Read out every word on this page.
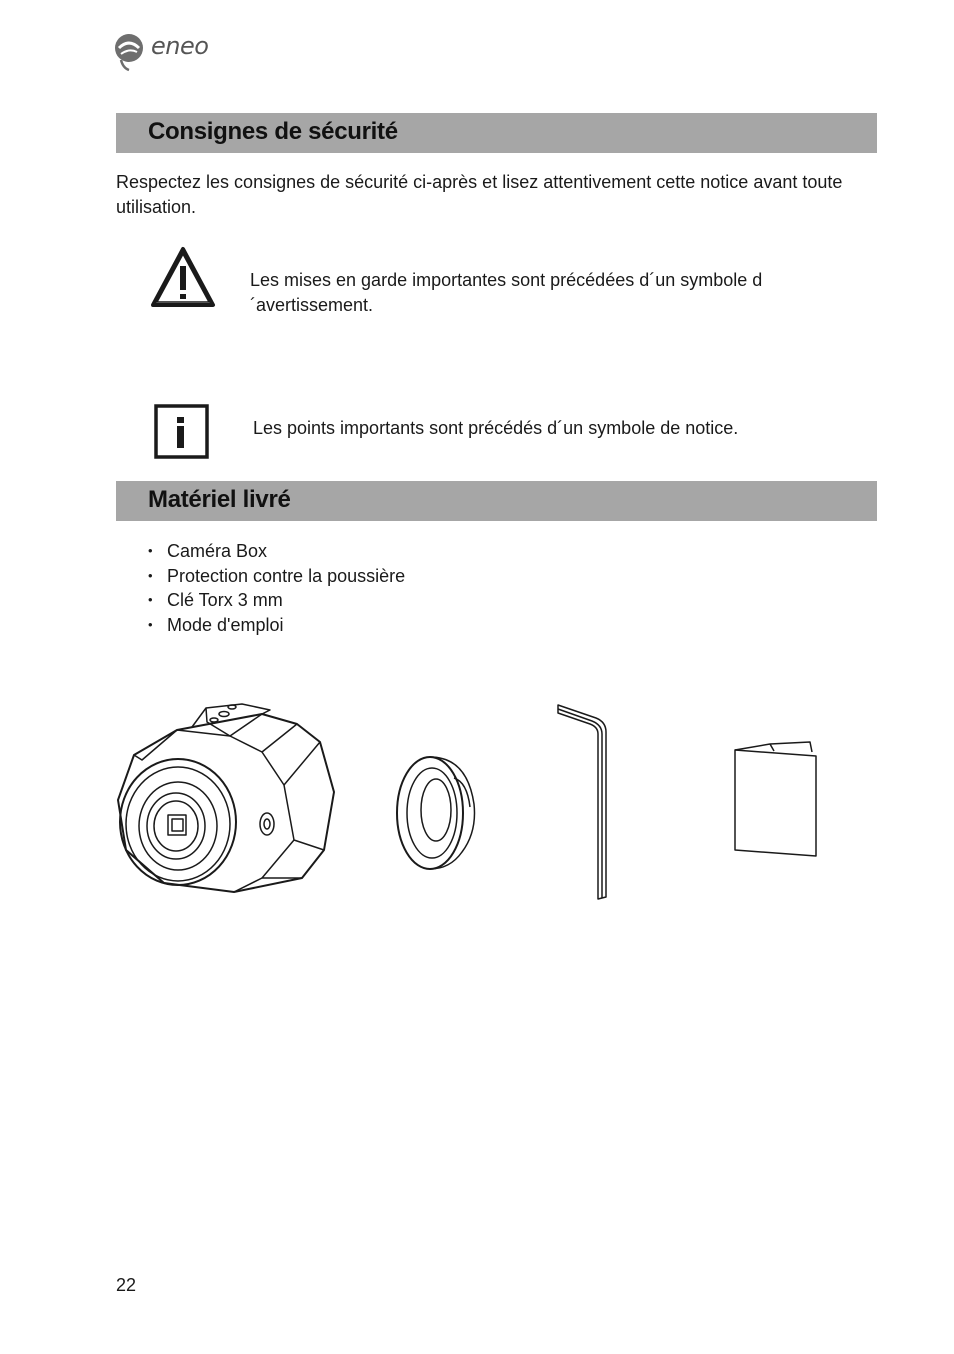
eneo
Consignes de sécurité

Respectez les consignes de sécurité ci-après et lisez attentivement cette notice avant toute utilisation.

Les mises en garde importantes sont précédées d´un symbole d´avertissement.

Les points importants sont précédés d´un symbole de notice.

Matériel livré
• Caméra Box
• Protection contre la poussière
• Clé Torx 3 mm
• Mode d'emploi
22
